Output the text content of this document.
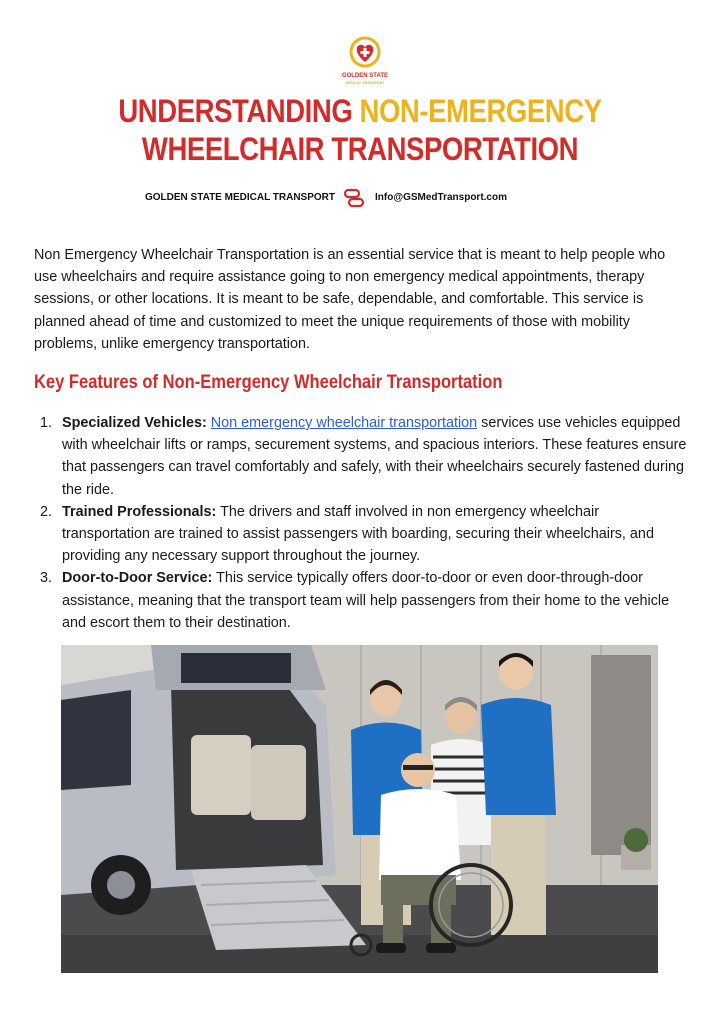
GOLDEN STATE
MEDICAL TRANSPORT
UNDERSTANDING NON-EMERGENCY
WHEELCHAIR TRANSPORTATION
GOLDEN STATE MEDICAL TRANSPORT	Info@GSMedTransport.com

Non Emergency Wheelchair Transportation is an essential service that is meant to help people who use wheelchairs and require assistance going to non emergency medical appointments, therapy sessions, or other locations. It is meant to be safe, dependable, and comfortable. This service is planned ahead of time and customized to meet the unique requirements of those with mobility problems, unlike emergency transportation.

Key Features of Non-Emergency Wheelchair Transportation
1. Specialized Vehicles: Non emergency wheelchair transportation services use vehicles equipped with wheelchair lifts or ramps, securement systems, and spacious interiors. These features ensure that passengers can travel comfortably and safely, with their wheelchairs securely fastened during the ride.
2. Trained Professionals: The drivers and staff involved in non emergency wheelchair transportation are trained to assist passengers with boarding, securing their wheelchairs, and providing any necessary support throughout the journey.
3. Door-to-Door Service: This service typically offers door-to-door or even door-through-door assistance, meaning that the transport team will help passengers from their home to the vehicle and escort them to their destination.
